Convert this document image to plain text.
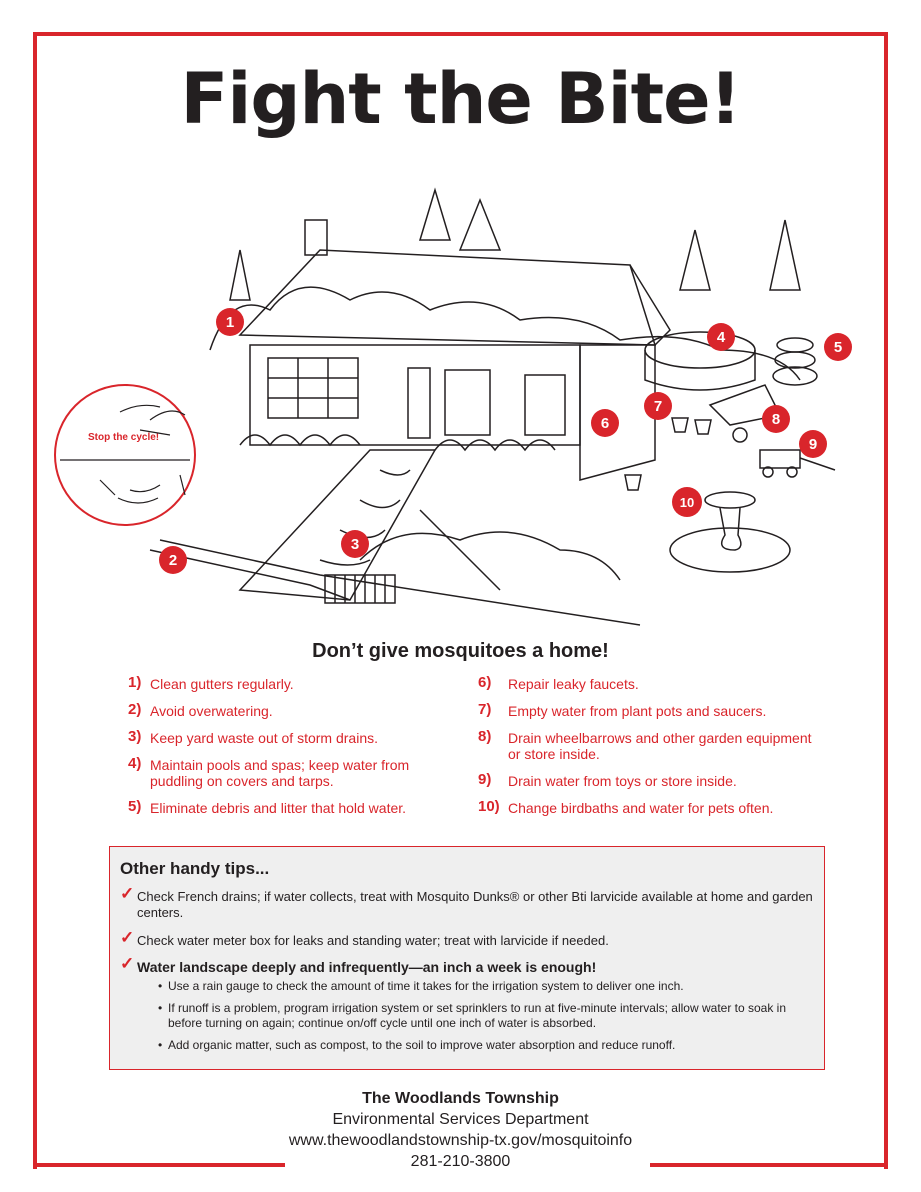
Fight the Bite!
Stop the cycle!
1
2
3
4
5
6
7
8
9
10
Don’t give mosquitoes a home!
1) Clean gutters regularly.
2) Avoid overwatering.
3) Keep yard waste out of storm drains.
4) Maintain pools and spas; keep water from puddling on covers and tarps.
5) Eliminate debris and litter that hold water.
6) Repair leaky faucets.
7) Empty water from plant pots and saucers.
8) Drain wheelbarrows and other garden equipment or store inside.
9) Drain water from toys or store inside.
10) Change birdbaths and water for pets often.
Other handy tips...
✓ Check French drains; if water collects, treat with Mosquito Dunks® or other Bti larvicide available at home and garden centers.
✓ Check water meter box for leaks and standing water; treat with larvicide if needed.
✓ Water landscape deeply and infrequently—an inch a week is enough!
• Use a rain gauge to check the amount of time it takes for the irrigation system to deliver one inch.
• If runoff is a problem, program irrigation system or set sprinklers to run at five-minute intervals; allow water to soak in before turning on again; continue on/off cycle until one inch of water is absorbed.
• Add organic matter, such as compost, to the soil to improve water absorption and reduce runoff.
The Woodlands Township
Environmental Services Department
www.thewoodlandstownship-tx.gov/mosquitoinfo
281-210-3800
